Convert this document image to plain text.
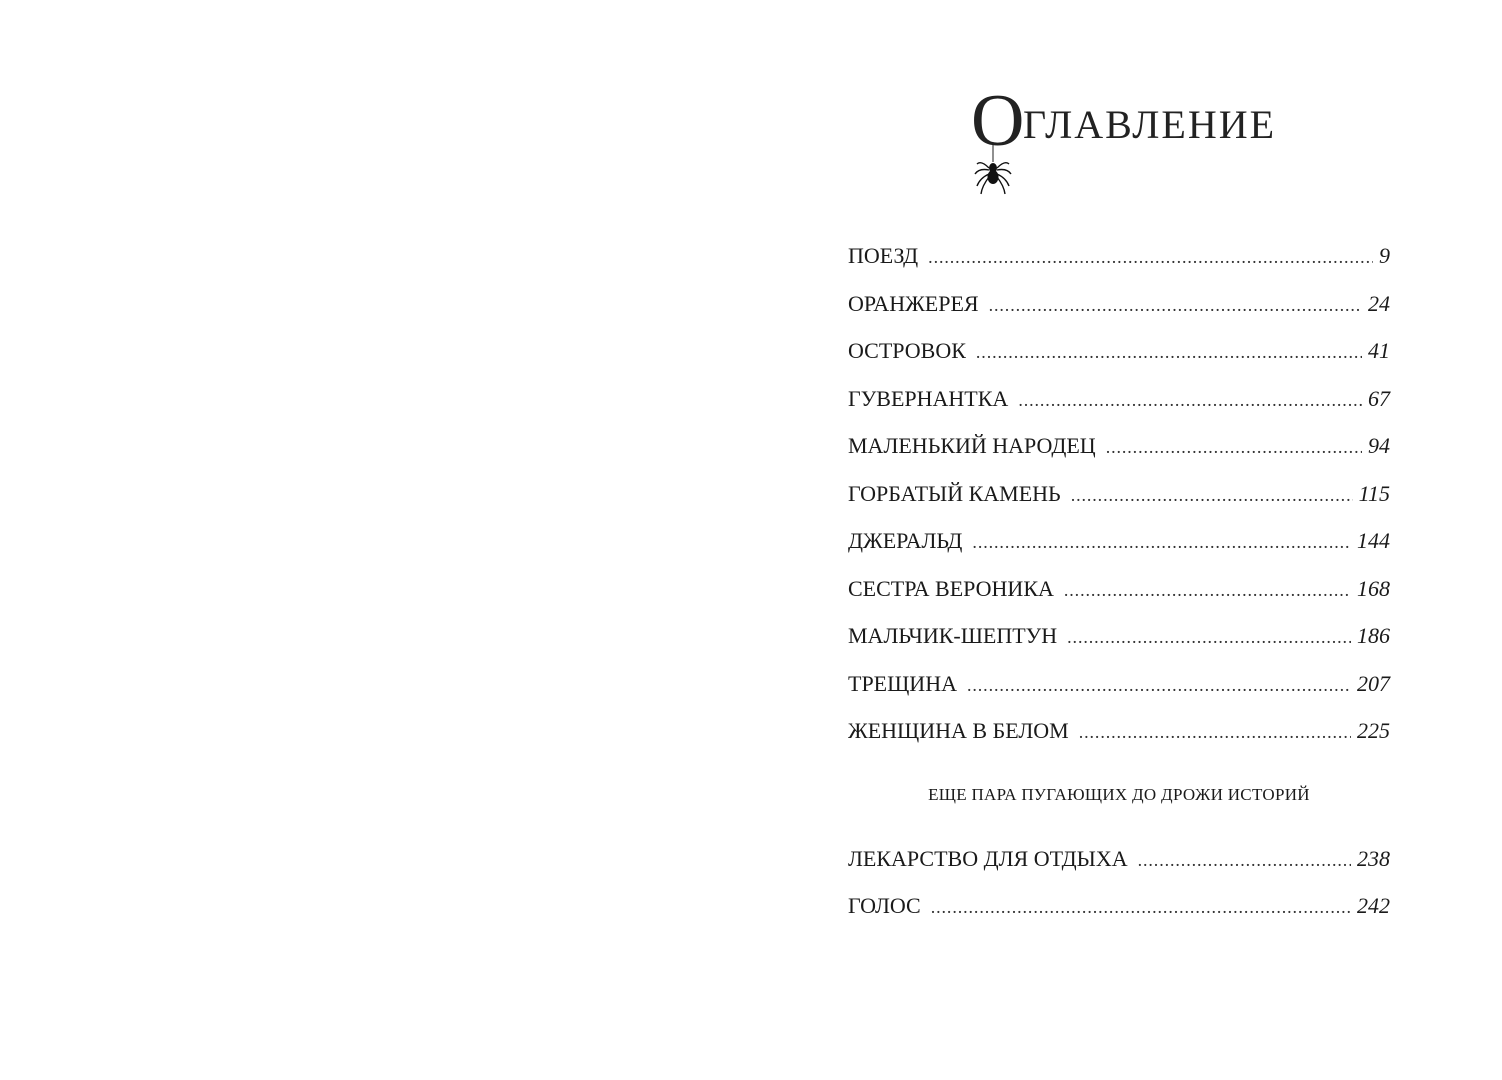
О
ГЛАВЛЕНИЕ
ПОЕЗД .....	9
ОРАНЖЕРЕЯ .....	24
ОСТРОВОК .....	41
ГУВЕРНАНТКА .....	67
МАЛЕНЬКИЙ НАРОДЕЦ .....	94
ГОРБАТЫЙ КАМЕНЬ .....	115
ДЖЕРАЛЬД .....	144
СЕСТРА ВЕРОНИКА .....	168
МАЛЬЧИК-ШЕПТУН .....	186
ТРЕЩИНА .....	207
ЖЕНЩИНА В БЕЛОМ .....	225
ЕЩЕ ПАРА ПУГАЮЩИХ ДО ДРОЖИ ИСТОРИЙ
ЛЕКАРСТВО ДЛЯ ОТДЫХА .....	238
ГОЛОС .....	242
